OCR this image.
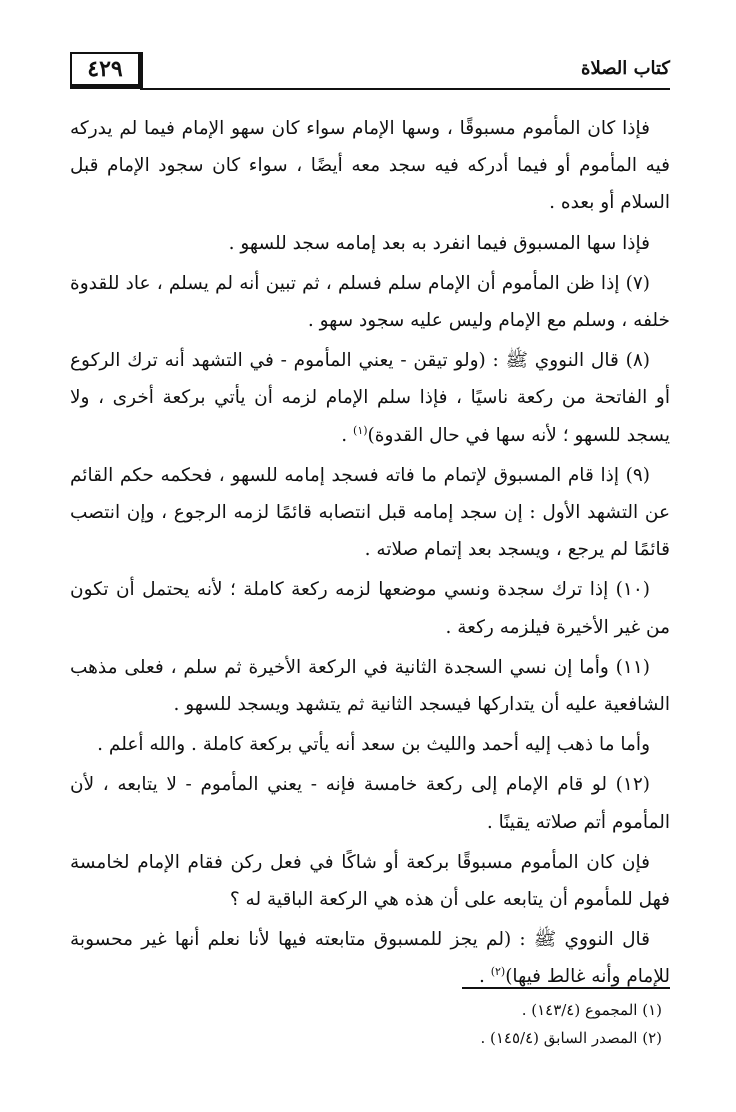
٤٢٩	كتاب الصلاة

فإذا كان المأموم مسبوقًا ، وسها الإمام سواء كان سهو الإمام فيما لم يدركه فيه المأموم أو فيما أدركه فيه سجد معه أيضًا ، سواء كان سجود الإمام قبل السلام أو بعده .

فإذا سها المسبوق فيما انفرد به بعد إمامه سجد للسهو .

(٧) إذا ظن المأموم أن الإمام سلم فسلم ، ثم تبين أنه لم يسلم ، عاد للقدوة خلفه ، وسلم مع الإمام وليس عليه سجود سهو .

(٨) قال النووي ﷺ : (ولو تيقن - يعني المأموم - في التشهد أنه ترك الركوع أو الفاتحة من ركعة ناسيًا ، فإذا سلم الإمام لزمه أن يأتي بركعة أخرى ، ولا يسجد للسهو ؛ لأنه سها في حال القدوة)$^{(١)}$ .

(٩) إذا قام المسبوق لإتمام ما فاته فسجد إمامه للسهو ، فحكمه حكم القائم عن التشهد الأول : إن سجد إمامه قبل انتصابه قائمًا لزمه الرجوع ، وإن انتصب قائمًا لم يرجع ، ويسجد بعد إتمام صلاته .

(١٠) إذا ترك سجدة ونسي موضعها لزمه ركعة كاملة ؛ لأنه يحتمل أن تكون من غير الأخيرة فيلزمه ركعة .

(١١) وأما إن نسي السجدة الثانية في الركعة الأخيرة ثم سلم ، فعلى مذهب الشافعية عليه أن يتداركها فيسجد الثانية ثم يتشهد ويسجد للسهو .

وأما ما ذهب إليه أحمد والليث بن سعد أنه يأتي بركعة كاملة . والله أعلم .

(١٢) لو قام الإمام إلى ركعة خامسة فإنه - يعني المأموم - لا يتابعه ، لأن المأموم أتم صلاته يقينًا .

فإن كان المأموم مسبوقًا بركعة أو شاكًا في فعل ركن فقام الإمام لخامسة فهل للمأموم أن يتابعه على أن هذه هي الركعة الباقية له ؟

قال النووي ﷺ : (لم يجز للمسبوق متابعته فيها لأنا نعلم أنها غير محسوبة للإمام وأنه غالط فيها)$^{(٢)}$ .

(١) المجموع (١٤٣/٤) .
(٢) المصدر السابق (١٤٥/٤) .
